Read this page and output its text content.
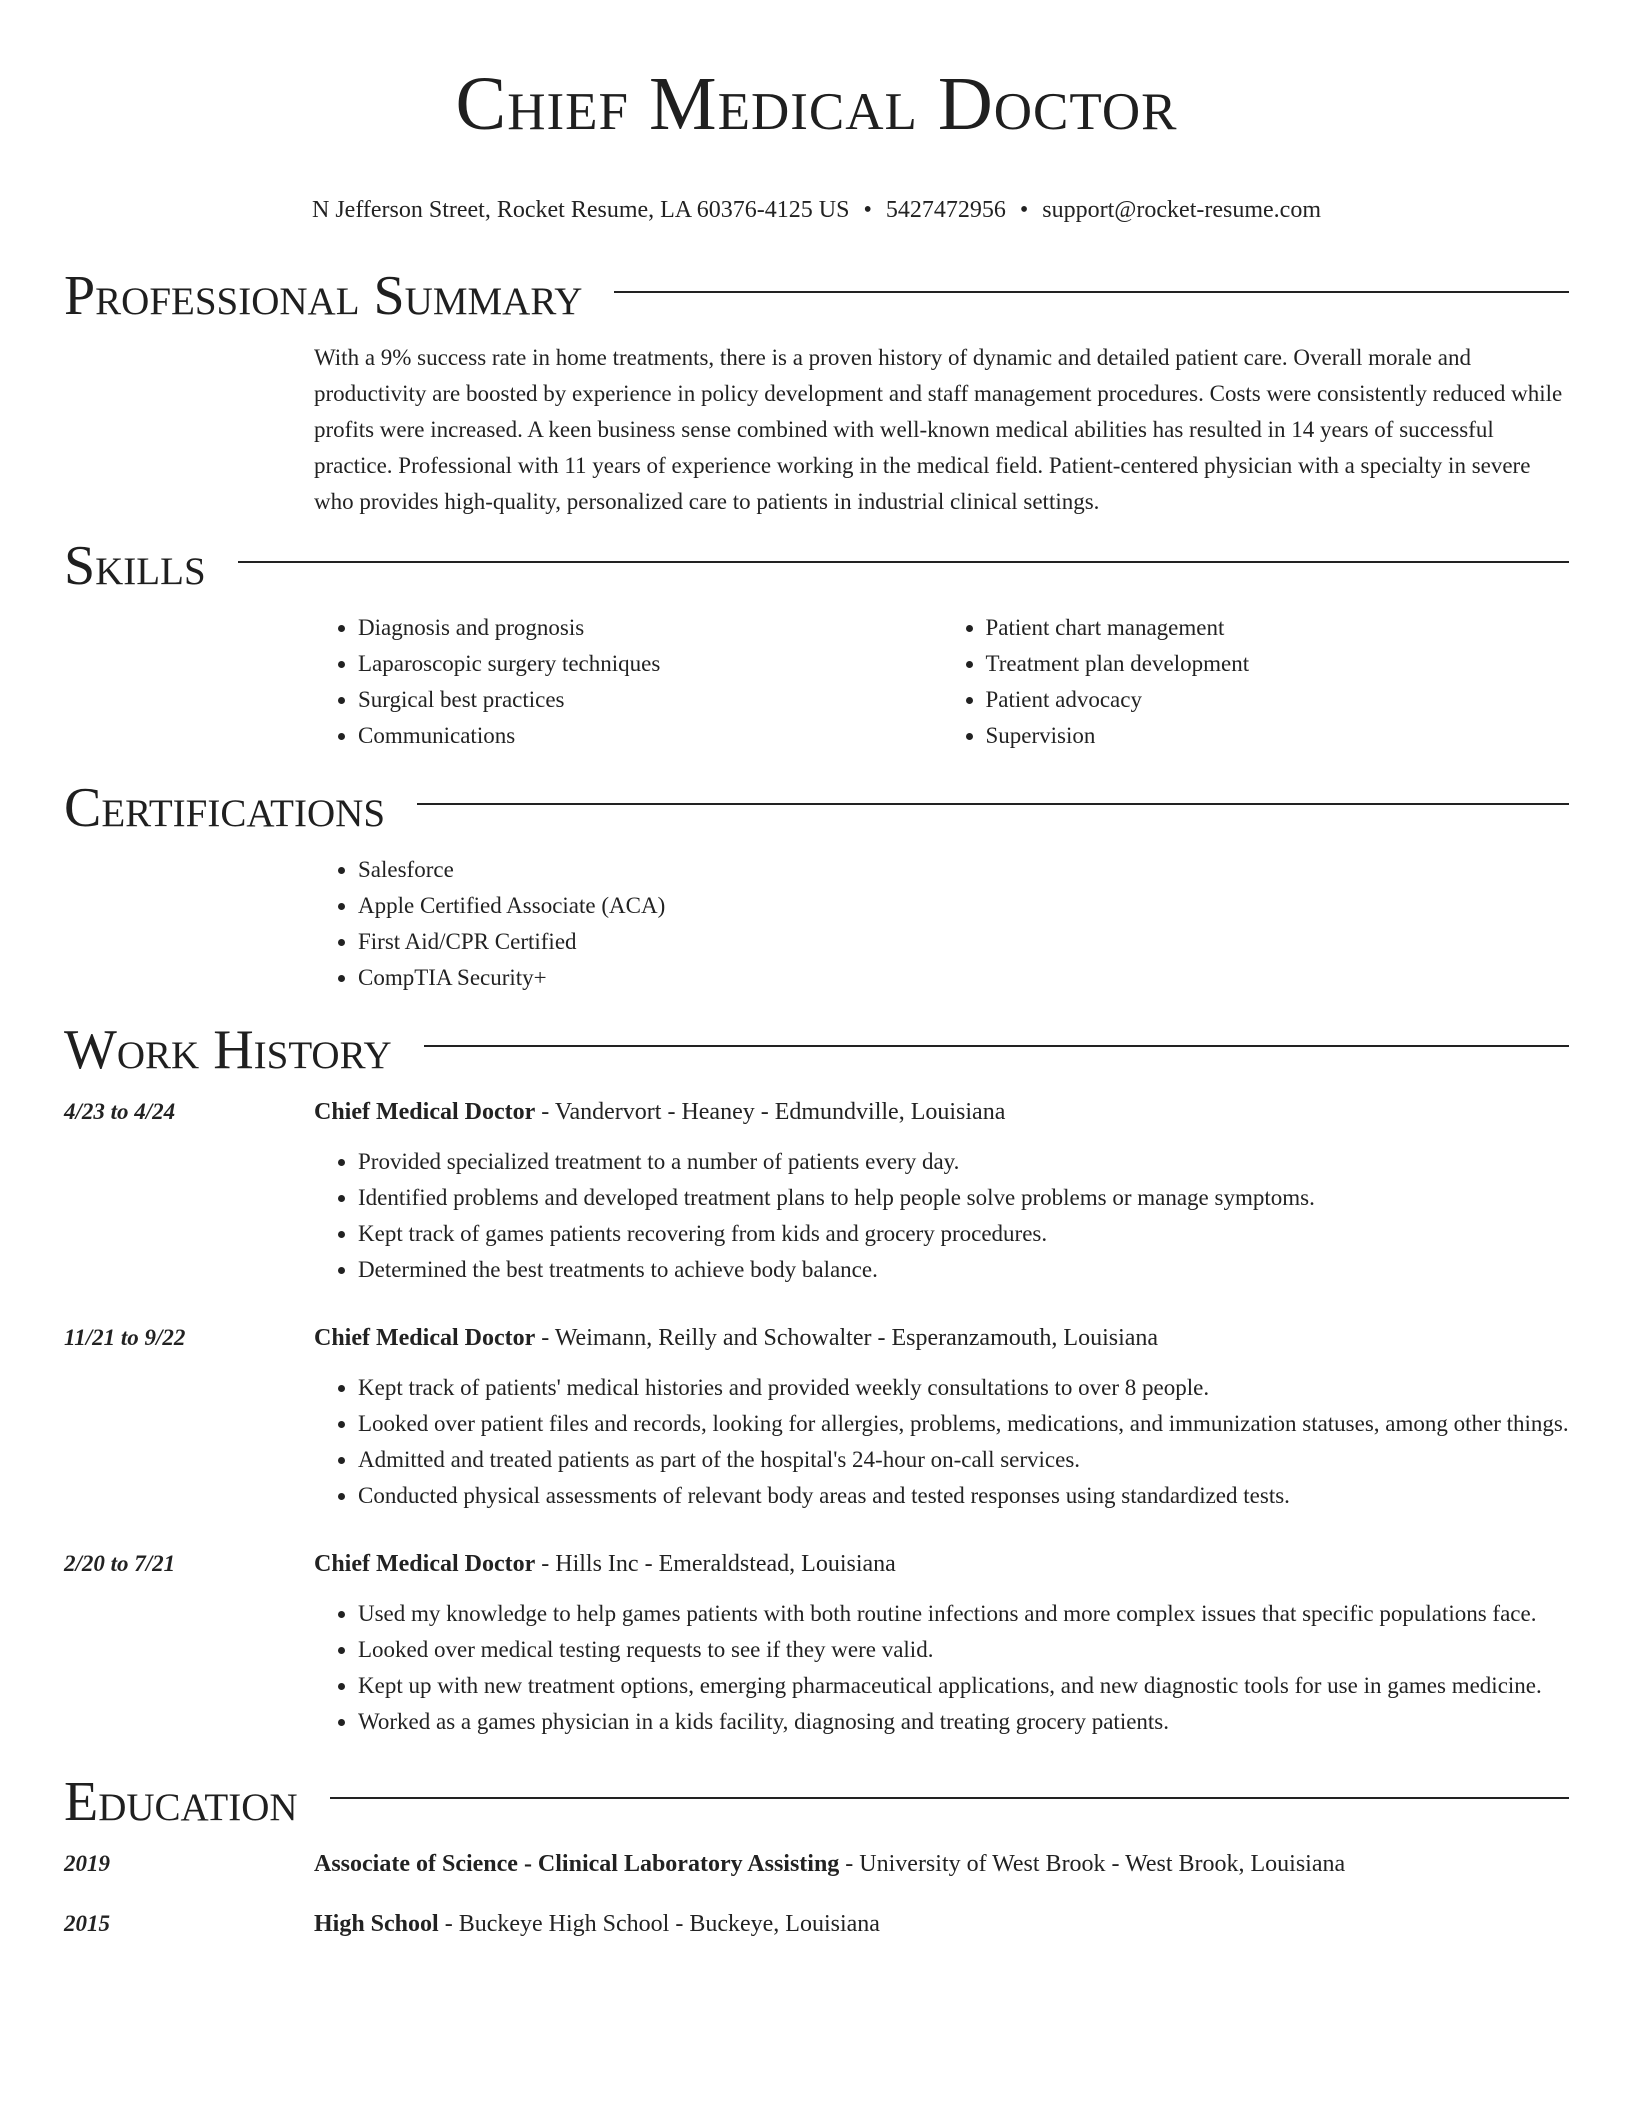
Chief Medical Doctor
N Jefferson Street, Rocket Resume, LA 60376-4125 US • 5427472956 • support@rocket-resume.com
Professional Summary
With a 9% success rate in home treatments, there is a proven history of dynamic and detailed patient care. Overall morale and productivity are boosted by experience in policy development and staff management procedures. Costs were consistently reduced while profits were increased. A keen business sense combined with well-known medical abilities has resulted in 14 years of successful practice. Professional with 11 years of experience working in the medical field. Patient-centered physician with a specialty in severe who provides high-quality, personalized care to patients in industrial clinical settings.
Skills
• Diagnosis and prognosis
• Laparoscopic surgery techniques
• Surgical best practices
• Communications
• Patient chart management
• Treatment plan development
• Patient advocacy
• Supervision
Certifications
• Salesforce
• Apple Certified Associate (ACA)
• First Aid/CPR Certified
• CompTIA Security+
Work History
4/23 to 4/24	Chief Medical Doctor - Vandervort - Heaney - Edmundville, Louisiana
• Provided specialized treatment to a number of patients every day.
• Identified problems and developed treatment plans to help people solve problems or manage symptoms.
• Kept track of games patients recovering from kids and grocery procedures.
• Determined the best treatments to achieve body balance.
11/21 to 9/22	Chief Medical Doctor - Weimann, Reilly and Schowalter - Esperanzamouth, Louisiana
• Kept track of patients' medical histories and provided weekly consultations to over 8 people.
• Looked over patient files and records, looking for allergies, problems, medications, and immunization statuses, among other things.
• Admitted and treated patients as part of the hospital's 24-hour on-call services.
• Conducted physical assessments of relevant body areas and tested responses using standardized tests.
2/20 to 7/21	Chief Medical Doctor - Hills Inc - Emeraldstead, Louisiana
• Used my knowledge to help games patients with both routine infections and more complex issues that specific populations face.
• Looked over medical testing requests to see if they were valid.
• Kept up with new treatment options, emerging pharmaceutical applications, and new diagnostic tools for use in games medicine.
• Worked as a games physician in a kids facility, diagnosing and treating grocery patients.
Education
2019	Associate of Science - Clinical Laboratory Assisting - University of West Brook - West Brook, Louisiana
2015	High School - Buckeye High School - Buckeye, Louisiana
